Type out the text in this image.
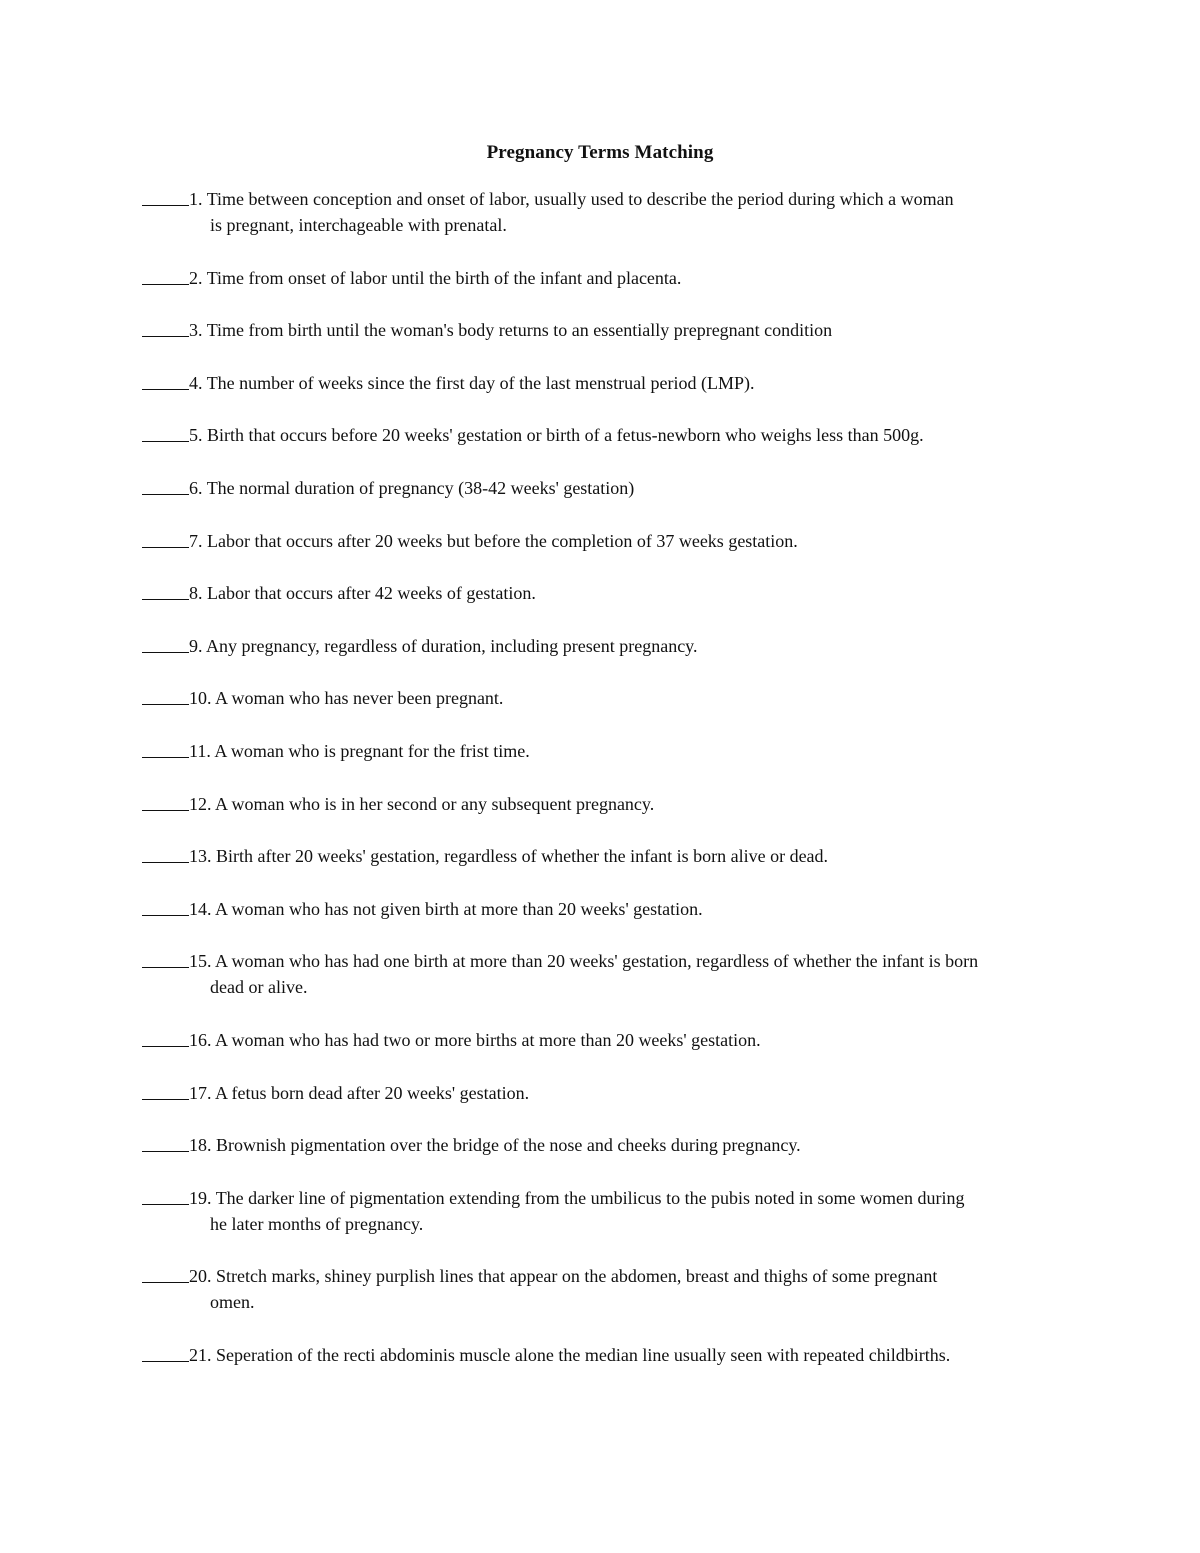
Pregnancy Terms Matching
1. Time between conception and onset of labor, usually used to describe the period during which a woman
is pregnant, interchageable with prenatal.
2. Time from onset of labor until the birth of the infant and placenta.
3. Time from birth until the woman's body returns to an essentially prepregnant condition
4. The number of weeks since the first day of the last menstrual period (LMP).
5. Birth that occurs before 20 weeks' gestation or birth of a fetus-newborn who weighs less than 500g.
6. The normal duration of pregnancy (38-42 weeks' gestation)
7. Labor that occurs after 20 weeks but before the completion of 37 weeks gestation.
8. Labor that occurs after 42 weeks of gestation.
9. Any pregnancy, regardless of duration, including present pregnancy.
10. A woman who has never been pregnant.
11. A woman who is pregnant for the frist time.
12. A woman who is in her second or any subsequent pregnancy.
13. Birth after 20 weeks' gestation, regardless of whether the infant is born alive or dead.
14. A woman who has not given birth at more than 20 weeks' gestation.
15. A woman who has had one birth at more than 20 weeks' gestation, regardless of whether the infant is born
dead or alive.
16. A woman who has had two or more births at more than 20 weeks' gestation.
17. A fetus born dead after 20 weeks' gestation.
18. Brownish pigmentation over the bridge of the nose and cheeks during pregnancy.
19. The darker line of pigmentation extending from the umbilicus to the pubis noted in some women during
he later months of pregnancy.
20. Stretch marks, shiney purplish lines that appear on the abdomen, breast and thighs of some pregnant
omen.
21. Seperation of the recti abdominis muscle alone the median line usually seen with repeated childbirths.
